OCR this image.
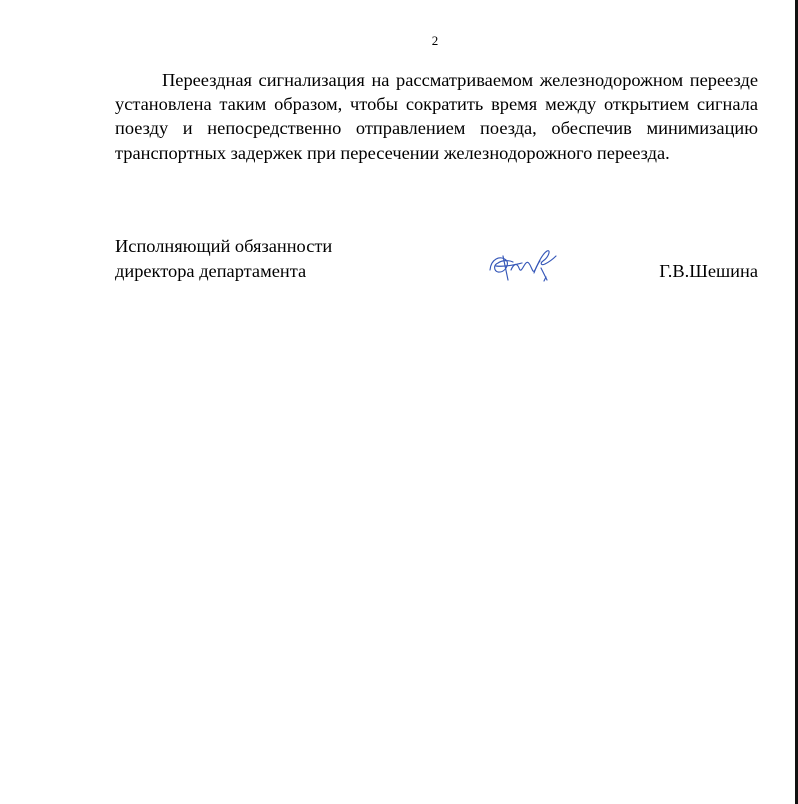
2

Переездная сигнализация на рассматриваемом железнодорожном переезде установлена таким образом, чтобы сократить время между открытием сигнала поезду и непосредственно отправлением поезда, обеспечив минимизацию транспортных задержек при пересечении железнодорожного переезда.

Исполняющий обязанности
директора департамента	Г.В.Шешина
